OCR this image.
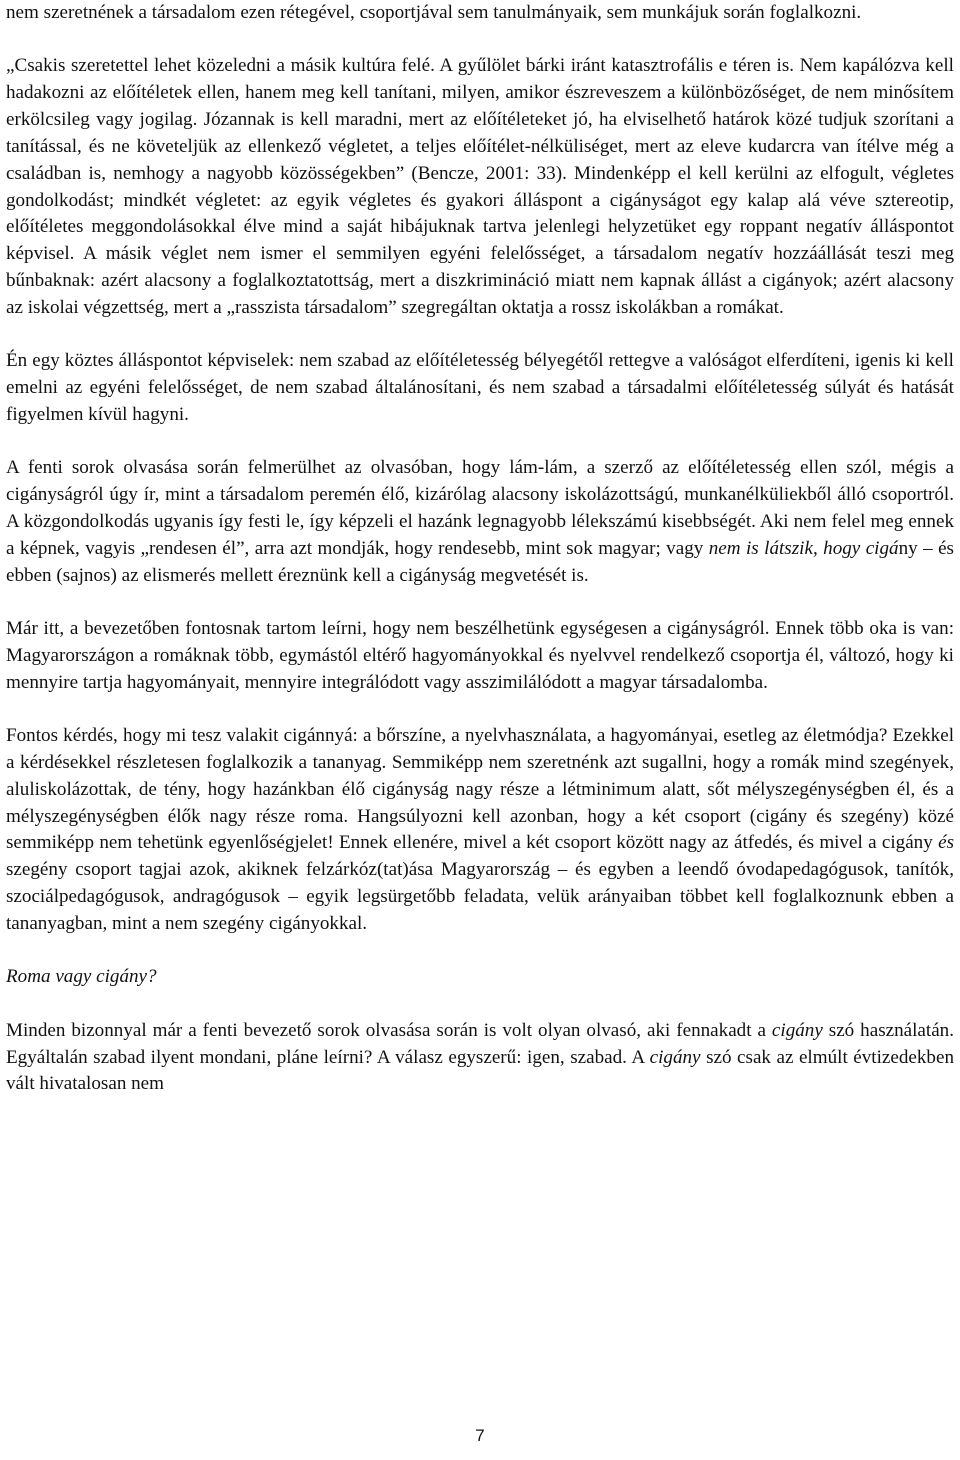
nem szeretnének a társadalom ezen rétegével, csoportjával sem tanulmányaik, sem munkájuk során foglalkozni.

„Csakis szeretettel lehet közeledni a másik kultúra felé. A gyűlölet bárki iránt katasztrofális e téren is. Nem kapálózva kell hadakozni az előítéletek ellen, hanem meg kell tanítani, milyen, amikor észreveszem a különbözőséget, de nem minősítem erkölcsileg vagy jogilag. Józannak is kell maradni, mert az előítéleteket jó, ha elviselhető határok közé tudjuk szorítani a tanítással, és ne követeljük az ellenkező végletet, a teljes előítélet-nélküliséget, mert az eleve kudarcra van ítélve még a családban is, nemhogy a nagyobb közösségekben” (Bencze, 2001: 33). Mindenképp el kell kerülni az elfogult, végletes gondolkodást; mindkét végletet: az egyik végletes és gyakori álláspont a cigányságot egy kalap alá véve sztereotip, előítéletes meggondolásokkal élve mind a saját hibájuknak tartva jelenlegi helyzetüket egy roppant negatív álláspontot képvisel. A másik véglet nem ismer el semmilyen egyéni felelősséget, a társadalom negatív hozzáállását teszi meg bűnbaknak: azért alacsony a foglalkoztatottság, mert a diszkrimináció miatt nem kapnak állást a cigányok; azért alacsony az iskolai végzettség, mert a „rasszista társadalom” szegregáltan oktatja a rossz iskolákban a romákat.

Én egy köztes álláspontot képviselek: nem szabad az előítéletesség bélyegétől rettegve a valóságot elferdíteni, igenis ki kell emelni az egyéni felelősséget, de nem szabad általánosítani, és nem szabad a társadalmi előítéletesség súlyát és hatását figyelmen kívül hagyni.

A fenti sorok olvasása során felmerülhet az olvasóban, hogy lám-lám, a szerző az előítéletesség ellen szól, mégis a cigányságról úgy ír, mint a társadalom peremén élő, kizárólag alacsony iskolázottságú, munkanélküliekből álló csoportról. A közgondolkodás ugyanis így festi le, így képzeli el hazánk legnagyobb lélekszámú kisebbségét. Aki nem felel meg ennek a képnek, vagyis „rendesen él”, arra azt mondják, hogy rendesebb, mint sok magyar; vagy nem is látszik, hogy cigány – és ebben (sajnos) az elismerés mellett éreznünk kell a cigányság megvetését is.

Már itt, a bevezetőben fontosnak tartom leírni, hogy nem beszélhetünk egységesen a cigányságról. Ennek több oka is van: Magyarországon a romáknak több, egymástól eltérő hagyományokkal és nyelvvel rendelkező csoportja él, változó, hogy ki mennyire tartja hagyományait, mennyire integrálódott vagy asszimilálódott a magyar társadalomba.

Fontos kérdés, hogy mi tesz valakit cigánnyá: a bőrszíne, a nyelvhasználata, a hagyományai, esetleg az életmódja? Ezekkel a kérdésekkel részletesen foglalkozik a tananyag. Semmiképp nem szeretnénk azt sugallni, hogy a romák mind szegények, aluliskolázottak, de tény, hogy hazánkban élő cigányság nagy része a létminimum alatt, sőt mélyszegénységben él, és a mélyszegénységben élők nagy része roma. Hangsúlyozni kell azonban, hogy a két csoport (cigány és szegény) közé semmiképp nem tehetünk egyenlőségjelet! Ennek ellenére, mivel a két csoport között nagy az átfedés, és mivel a cigány és szegény csoport tagjai azok, akiknek felzárkóz(tat)ása Magyarország – és egyben a leendő óvodapedagógusok, tanítók, szociálpedagógusok, andragógusok – egyik legsürgetőbb feladata, velük arányaiban többet kell foglalkoznunk ebben a tananyagban, mint a nem szegény cigányokkal.

Roma vagy cigány?

Minden bizonnyal már a fenti bevezető sorok olvasása során is volt olyan olvasó, aki fennakadt a cigány szó használatán. Egyáltalán szabad ilyent mondani, pláne leírni? A válasz egyszerű: igen, szabad. A cigány szó csak az elmúlt évtizedekben vált hivatalosan nem

7
